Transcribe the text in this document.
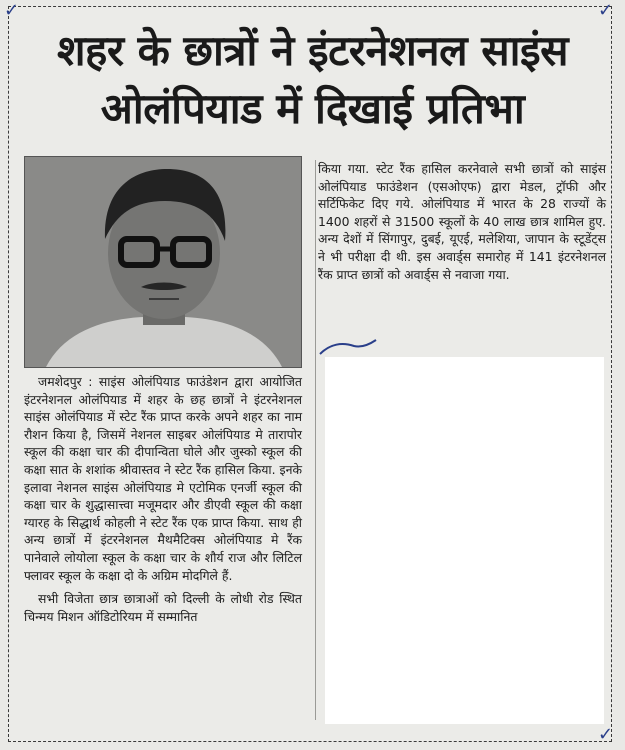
✓	✓
✓
शहर के छात्रों ने इंटरनेशनल साइंस
ओलंपियाड में दिखाई प्रतिभा

किया गया. स्टेट रैंक हासिल करनेवाले सभी छात्रों को साइंस ओलंपियाड फाउंडेशन (एसओएफ) द्वारा मेडल, ट्रॉफी और सर्टिफिकेट दिए गये. ओलंपियाड में भारत के 28 राज्यों के 1400 शहरों से 31500 स्कूलों के 40 लाख छात्र शामिल हुए. अन्य देशों में सिंगापुर, दुबई, यूएई, मलेशिया, जापान के स्टूडेंट्स ने भी परीक्षा दी थी. इस अवार्ड्स समारोह में 141 इंटरनेशनल रैंक प्राप्त छात्रों को अवार्ड्स से नवाजा गया.

जमशेदपुर : साइंस ओलंपियाड फाउंडेशन द्वारा आयोजित इंटरनेशनल ओलंपियाड में शहर के छह छात्रों ने इंटरनेशनल साइंस ओलंपियाड में स्टेट रैंक प्राप्त करके अपने शहर का नाम रौशन किया है, जिसमें नेशनल साइबर ओलंपियाड मे तारापोर स्कूल की कक्षा चार की दीपान्विता घोले और जुस्को स्कूल की कक्षा सात के शशांक श्रीवास्तव ने स्टेट रैंक हासिल किया. इनके इलावा नेशनल साइंस ओलंपियाड मे एटोमिक एनर्जी स्कूल की कक्षा चार के शुद्धासात्त्वा मजूमदार और डीएवी स्कूल की कक्षा ग्यारह के सिद्धार्थ कोहली ने स्टेट रैंक एक प्राप्त किया. साथ ही अन्य छात्रों में इंटरनेशनल मैथमैटिक्स ओलंपियाड मे रैंक पानेवाले लोयोला स्कूल के कक्षा चार के शौर्य राज और लिटिल फ्लावर स्कूल के कक्षा दो के अग्रिम मोदगिले हैं.

सभी विजेता छात्र छात्राओं को दिल्ली के लोधी रोड स्थित चिन्मय मिशन ऑडिटोरियम में सम्मानित
